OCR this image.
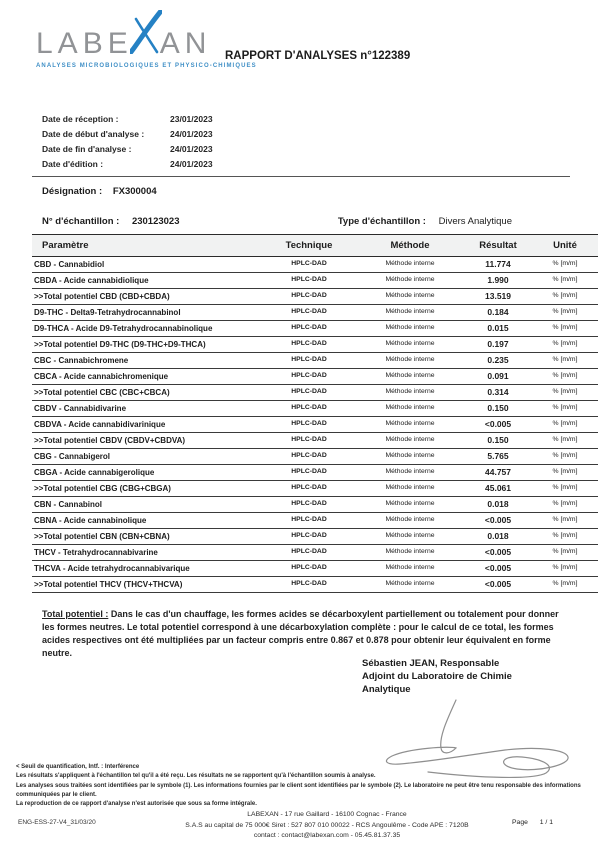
LABE AN
ANALYSES MICROBIOLOGIQUES ET PHYSICO-CHIMIQUES
RAPPORT D'ANALYSES n°122389
Date de réception :	23/01/2023
Date de début d'analyse :	24/01/2023
Date de fin d'analyse :	24/01/2023
Date d'édition :	24/01/2023
Désignation : FX300004
N° d'échantillon : 230123023	Type d'échantillon : Divers Analytique
Paramètre	Technique	Méthode	Résultat	Unité
CBD - Cannabidiol	HPLC-DAD	Méthode interne	11.774	% [m/m]
CBDA - Acide cannabidiolique	HPLC-DAD	Méthode interne	1.990	% [m/m]
>>Total potentiel CBD (CBD+CBDA)	HPLC-DAD	Méthode interne	13.519	% [m/m]
D9-THC - Delta9-Tetrahydrocannabinol	HPLC-DAD	Méthode interne	0.184	% [m/m]
D9-THCA - Acide D9-Tetrahydrocannabinolique	HPLC-DAD	Méthode interne	0.015	% [m/m]
>>Total potentiel D9-THC (D9-THC+D9-THCA)	HPLC-DAD	Méthode interne	0.197	% [m/m]
CBC - Cannabichromene	HPLC-DAD	Méthode interne	0.235	% [m/m]
CBCA - Acide cannabichromenique	HPLC-DAD	Méthode interne	0.091	% [m/m]
>>Total potentiel CBC (CBC+CBCA)	HPLC-DAD	Méthode interne	0.314	% [m/m]
CBDV - Cannabidivarine	HPLC-DAD	Méthode interne	0.150	% [m/m]
CBDVA - Acide cannabidivarinique	HPLC-DAD	Méthode interne	<0.005	% [m/m]
>>Total potentiel CBDV (CBDV+CBDVA)	HPLC-DAD	Méthode interne	0.150	% [m/m]
CBG - Cannabigerol	HPLC-DAD	Méthode interne	5.765	% [m/m]
CBGA - Acide cannabigerolique	HPLC-DAD	Méthode interne	44.757	% [m/m]
>>Total potentiel CBG (CBG+CBGA)	HPLC-DAD	Méthode interne	45.061	% [m/m]
CBN - Cannabinol	HPLC-DAD	Méthode interne	0.018	% [m/m]
CBNA - Acide cannabinolique	HPLC-DAD	Méthode interne	<0.005	% [m/m]
>>Total potentiel CBN (CBN+CBNA)	HPLC-DAD	Méthode interne	0.018	% [m/m]
THCV - Tetrahydrocannabivarine	HPLC-DAD	Méthode interne	<0.005	% [m/m]
THCVA - Acide tetrahydrocannabivarique	HPLC-DAD	Méthode interne	<0.005	% [m/m]
>>Total potentiel THCV (THCV+THCVA)	HPLC-DAD	Méthode interne	<0.005	% [m/m]
Total potentiel : Dans le cas d'un chauffage, les formes acides se décarboxylent partiellement ou totalement pour donner les formes neutres. Le total potentiel correspond à une décarboxylation complète : pour le calcul de ce total, les formes acides respectives ont été multipliées par un facteur compris entre 0.867 et 0.878 pour obtenir leur équivalent en forme neutre.
Sébastien JEAN, Responsable
Adjoint du Laboratoire de Chimie
Analytique
< Seuil de quantification, Intf. : Interférence
Les résultats s'appliquent à l'échantillon tel qu'il a été reçu. Les résultats ne se rapportent qu'à l'échantillon soumis à analyse.
Les analyses sous traitées sont identifiées par le symbole (1). Les informations fournies par le client sont identifiées par le symbole (2). Le laboratoire ne peut être tenu responsable des informations communiquées par le client.
La reproduction de ce rapport d'analyse n'est autorisée que sous sa forme intégrale.
ENG-ESS-27-V4_31/03/20
LABEXAN - 17 rue Gaillard - 16100 Cognac - France
S.A.S au capital de 75 000€ Siret : 527 807 010 00022 - RCS Angoulême - Code APE : 7120B
contact : contact@labexan.com - 05.45.81.37.35
Page 1 / 1
